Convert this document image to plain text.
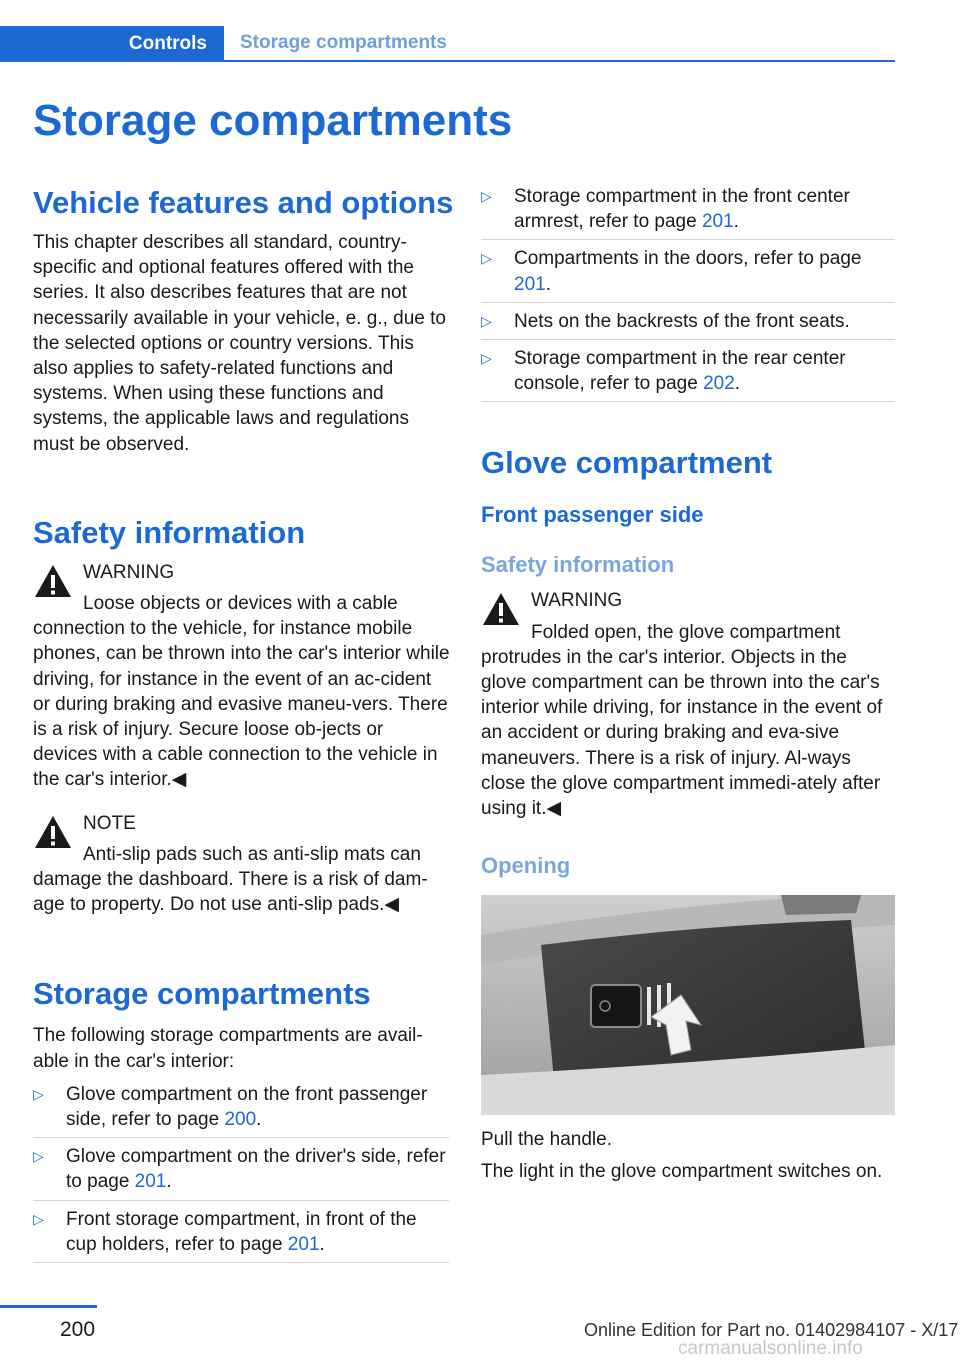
Controls	Storage compartments
Storage compartments
Vehicle features and options

This chapter describes all standard, country-specific and optional features offered with the series. It also describes features that are not necessarily available in your vehicle, e. g., due to the selected options or country versions. This also applies to safety-related functions and systems. When using these functions and systems, the applicable laws and regulations must be observed.

Safety information
WARNING
Loose objects or devices with a cable
connection to the vehicle, for instance mobile phones, can be thrown into the car's interior while driving, for instance in the event of an ac‐cident or during braking and evasive maneu‐vers. There is a risk of injury. Secure loose ob‐jects or devices with a cable connection to the vehicle in the car's interior.◀
NOTE
Anti-slip pads such as anti-slip mats can
damage the dashboard. There is a risk of dam‐age to property. Do not use anti-slip pads.◀
Storage compartments

The following storage compartments are avail‐able in the car's interior:

▷ Glove compartment on the front passenger side, refer to page 200.
▷ Glove compartment on the driver's side, refer to page 201.
▷ Front storage compartment, in front of the cup holders, refer to page 201.
▷ Storage compartment in the front center armrest, refer to page 201.
▷ Compartments in the doors, refer to page 201.
▷ Nets on the backrests of the front seats.
▷ Storage compartment in the rear center console, refer to page 202.
Glove compartment
Front passenger side
Safety information
WARNING
Folded open, the glove compartment
protrudes in the car's interior. Objects in the glove compartment can be thrown into the car's interior while driving, for instance in the event of an accident or during braking and eva‐sive maneuvers. There is a risk of injury. Al‐ways close the glove compartment immedi‐ately after using it.◀
Opening

Pull the handle.

The light in the glove compartment switches on.

200	Online Edition for Part no. 01402984107 - X/17
carmanualsonline.info
